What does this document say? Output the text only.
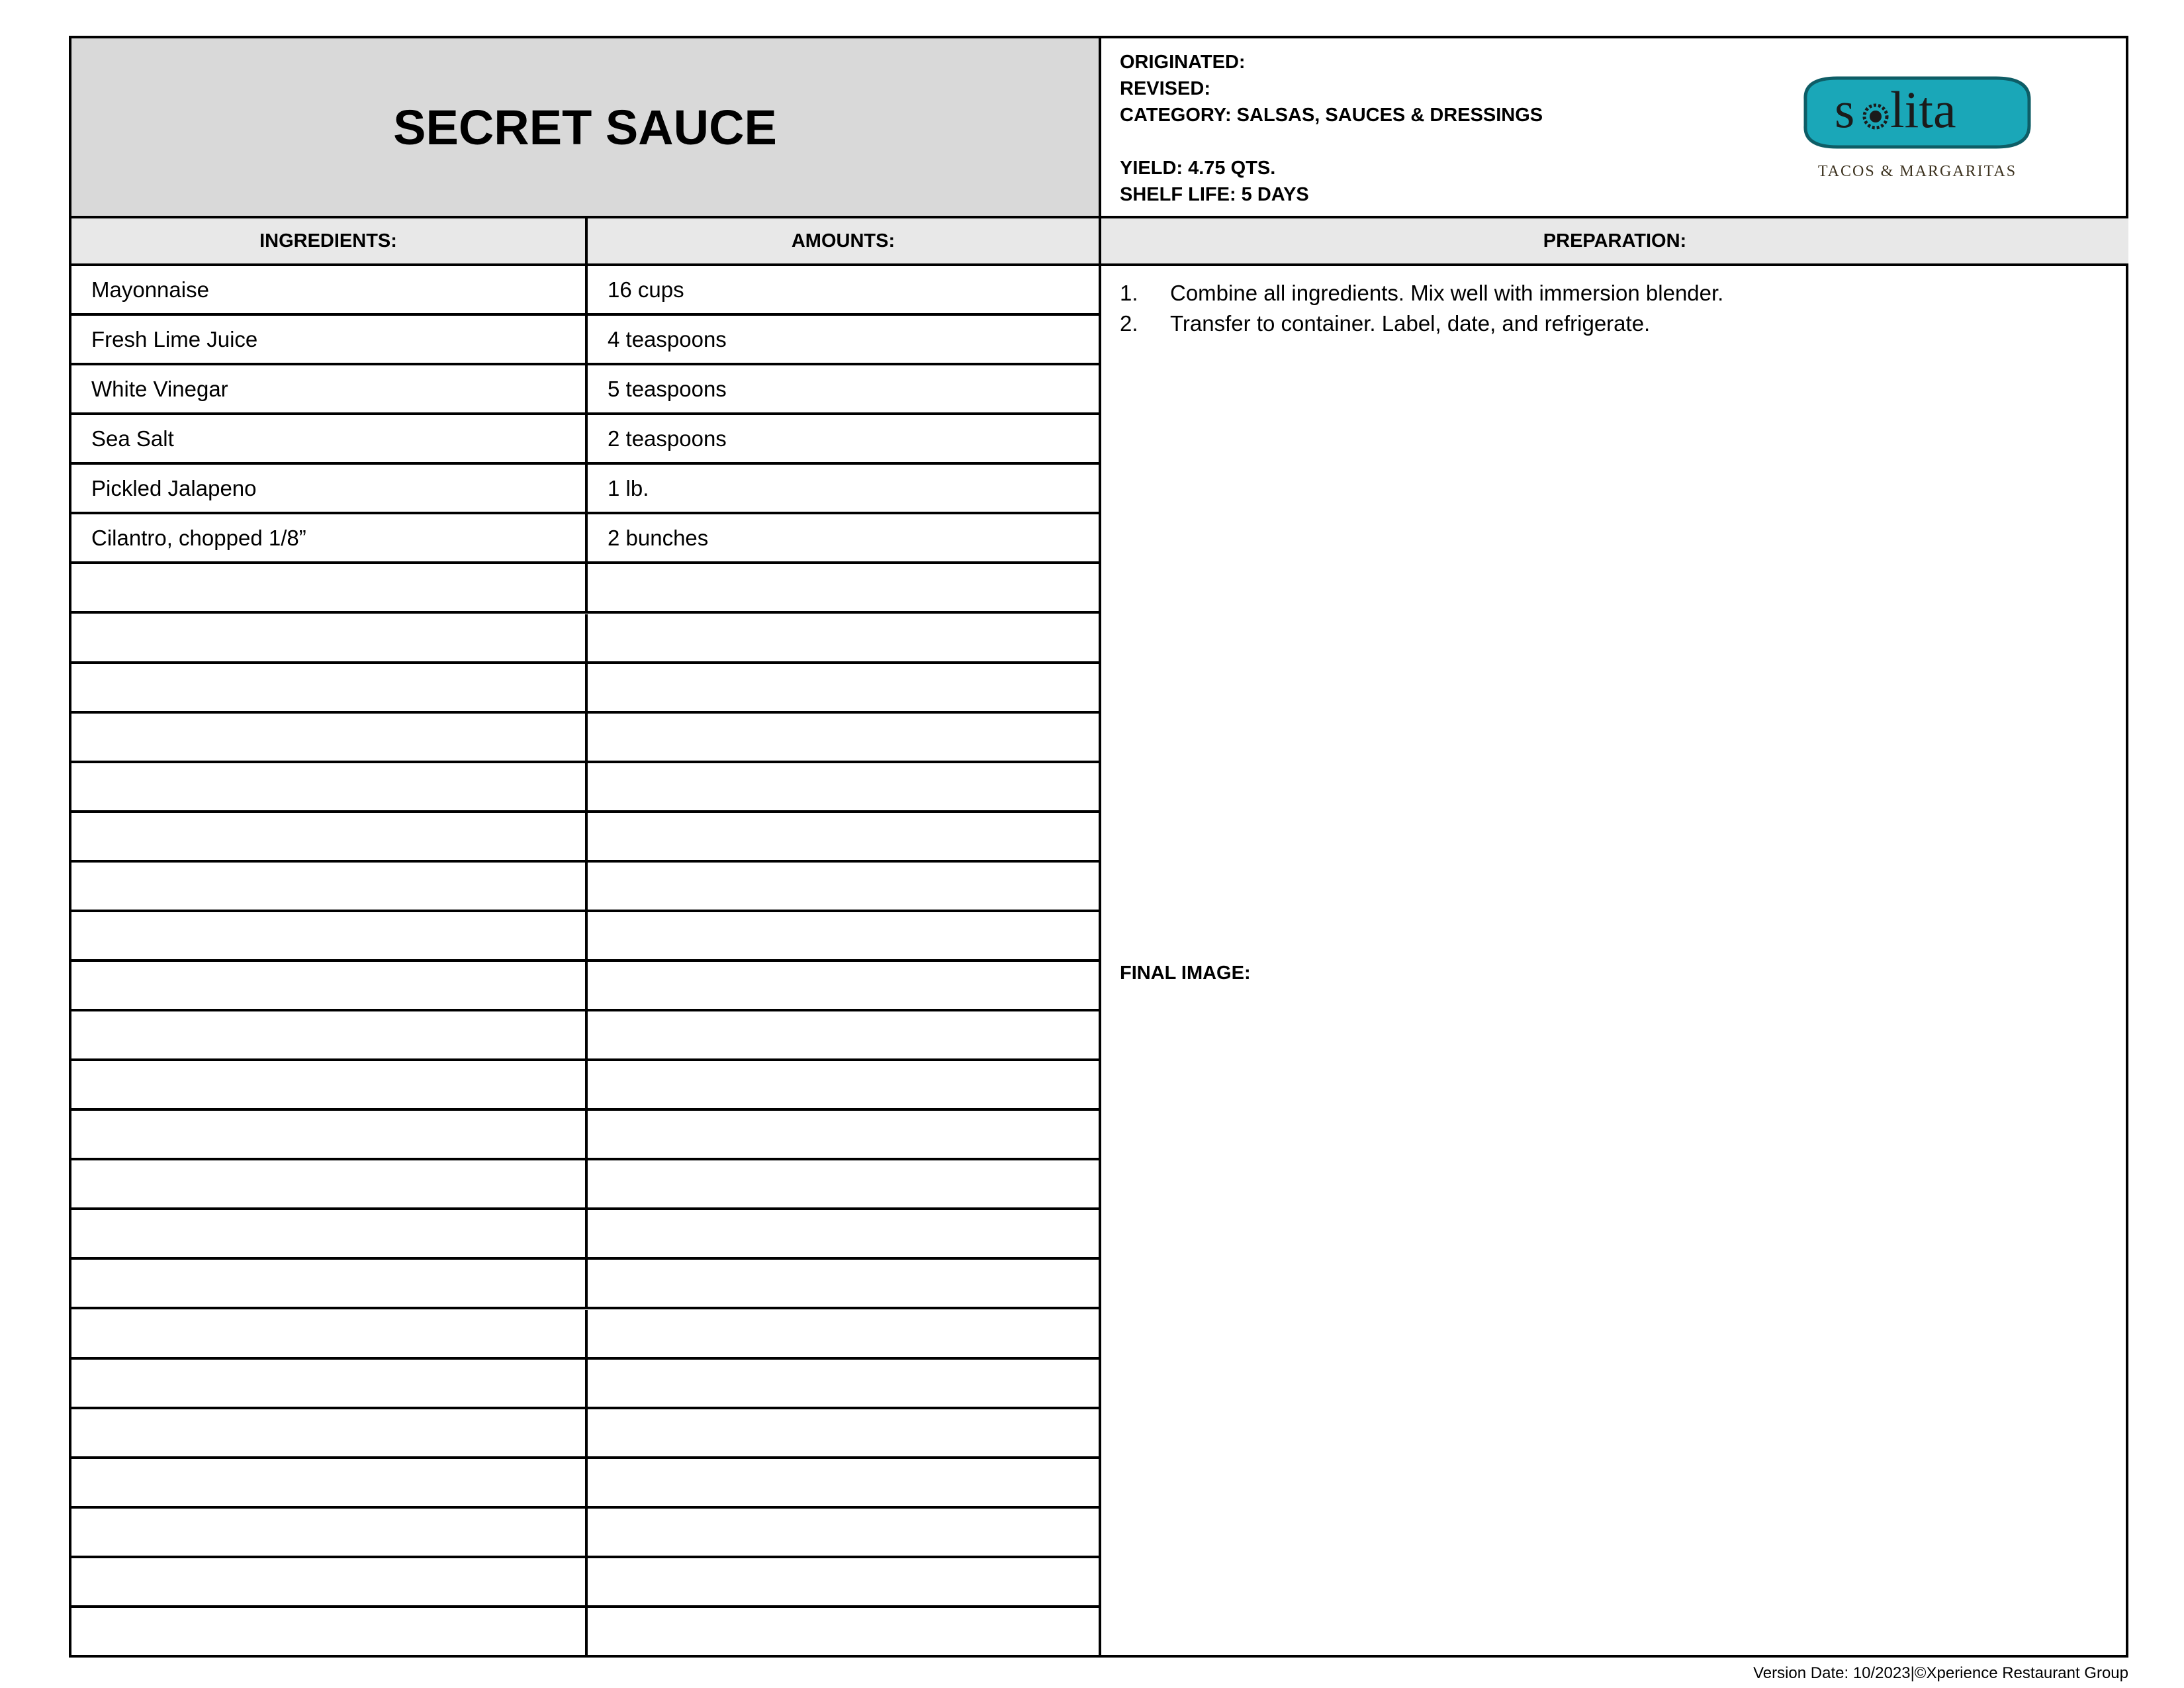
SECRET SAUCE
ORIGINATED:
REVISED:
CATEGORY: SALSAS, SAUCES & DRESSINGS
YIELD: 4.75 QTS.
SHELF LIFE: 5 DAYS
s lita
TACOS & MARGARITAS
INGREDIENTS:	AMOUNTS:	PREPARATION:
Mayonnaise	16 cups
Fresh Lime Juice	4 teaspoons
White Vinegar	5 teaspoons
Sea Salt	2 teaspoons
Pickled Jalapeno	1 lb.
Cilantro, chopped 1/8”	2 bunches
1.	Combine all ingredients. Mix well with immersion blender.
2.	Transfer to container. Label, date, and refrigerate.
FINAL IMAGE:
Version Date: 10/2023|©Xperience Restaurant Group
